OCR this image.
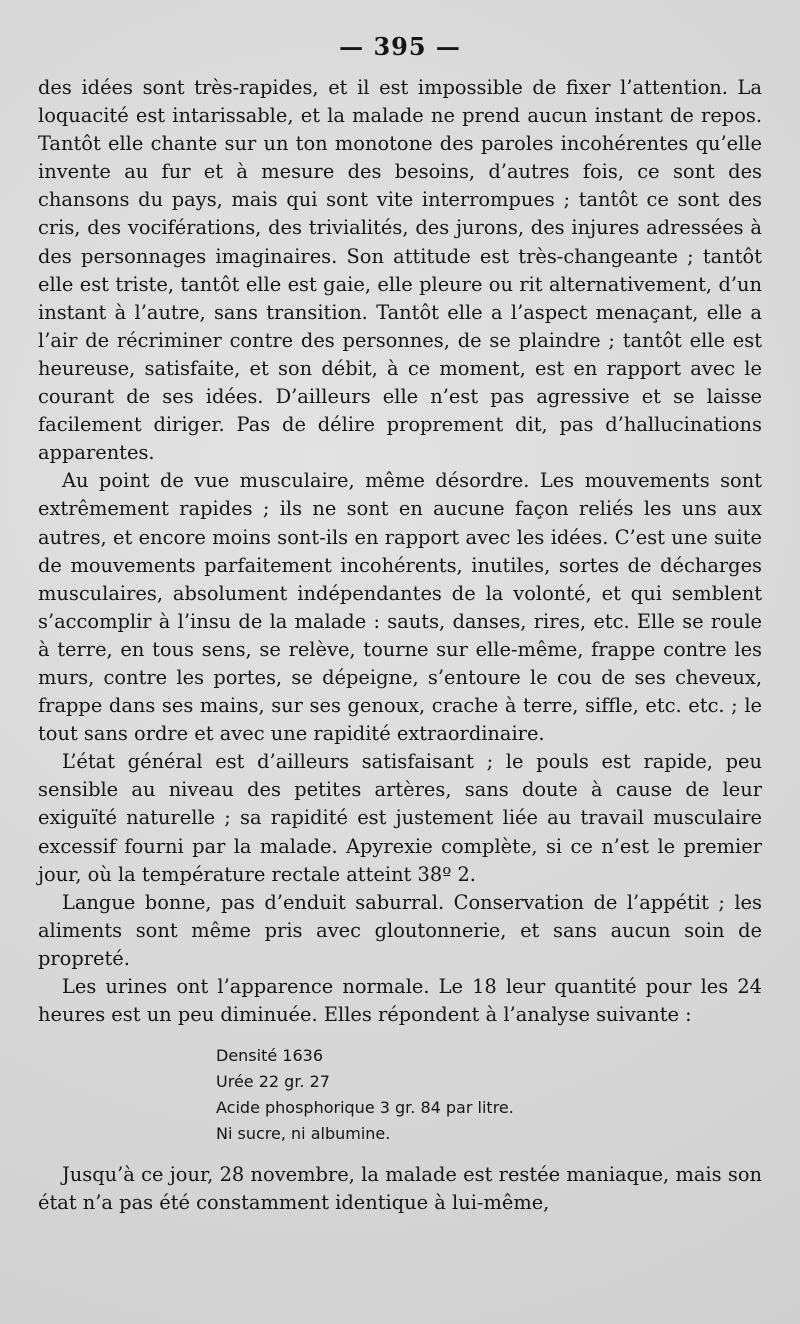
— 395 —

des idées sont très-rapides, et il est impossible de fixer l’attention. La loquacité est intarissable, et la malade ne prend aucun instant de repos. Tantôt elle chante sur un ton monotone des paroles incohérentes qu’elle invente au fur et à mesure des besoins, d’autres fois, ce sont des chansons du pays, mais qui sont vite interrompues ; tantôt ce sont des cris, des vociférations, des trivialités, des jurons, des injures adressées à des personnages imaginaires. Son attitude est très-changeante ; tantôt elle est triste, tantôt elle est gaie, elle pleure ou rit alternativement, d’un instant à l’autre, sans transition. Tantôt elle a l’aspect menaçant, elle a l’air de récriminer contre des personnes, de se plaindre ; tantôt elle est heureuse, satisfaite, et son débit, à ce moment, est en rapport avec le courant de ses idées. D’ailleurs elle n’est pas agressive et se laisse facilement diriger. Pas de délire proprement dit, pas d’hallucinations apparentes.

Au point de vue musculaire, même désordre. Les mouvements sont extrêmement rapides ; ils ne sont en aucune façon reliés les uns aux autres, et encore moins sont-ils en rapport avec les idées. C’est une suite de mouvements parfaitement incohérents, inutiles, sortes de décharges musculaires, absolument indépendantes de la volonté, et qui semblent s’accomplir à l’insu de la malade : sauts, danses, rires, etc. Elle se roule à terre, en tous sens, se relève, tourne sur elle-même, frappe contre les murs, contre les portes, se dépeigne, s’entoure le cou de ses cheveux, frappe dans ses mains, sur ses genoux, crache à terre, siffle, etc. etc. ; le tout sans ordre et avec une rapidité extraordinaire.

L’état général est d’ailleurs satisfaisant ; le pouls est rapide, peu sensible au niveau des petites artères, sans doute à cause de leur exiguïté naturelle ; sa rapidité est justement liée au travail musculaire excessif fourni par la malade. Apyrexie complète, si ce n’est le premier jour, où la température rectale atteint 38º 2.

Langue bonne, pas d’enduit saburral. Conservation de l’appétit ; les aliments sont même pris avec gloutonnerie, et sans aucun soin de propreté.

Les urines ont l’apparence normale. Le 18 leur quantité pour les 24 heures est un peu diminuée. Elles répondent à l’analyse suivante :

Densité 1636

Urée 22 gr. 27

Acide phosphorique 3 gr. 84 par litre.

Ni sucre, ni albumine.

Jusqu’à ce jour, 28 novembre, la malade est restée maniaque, mais son état n’a pas été constamment identique à lui-même,
